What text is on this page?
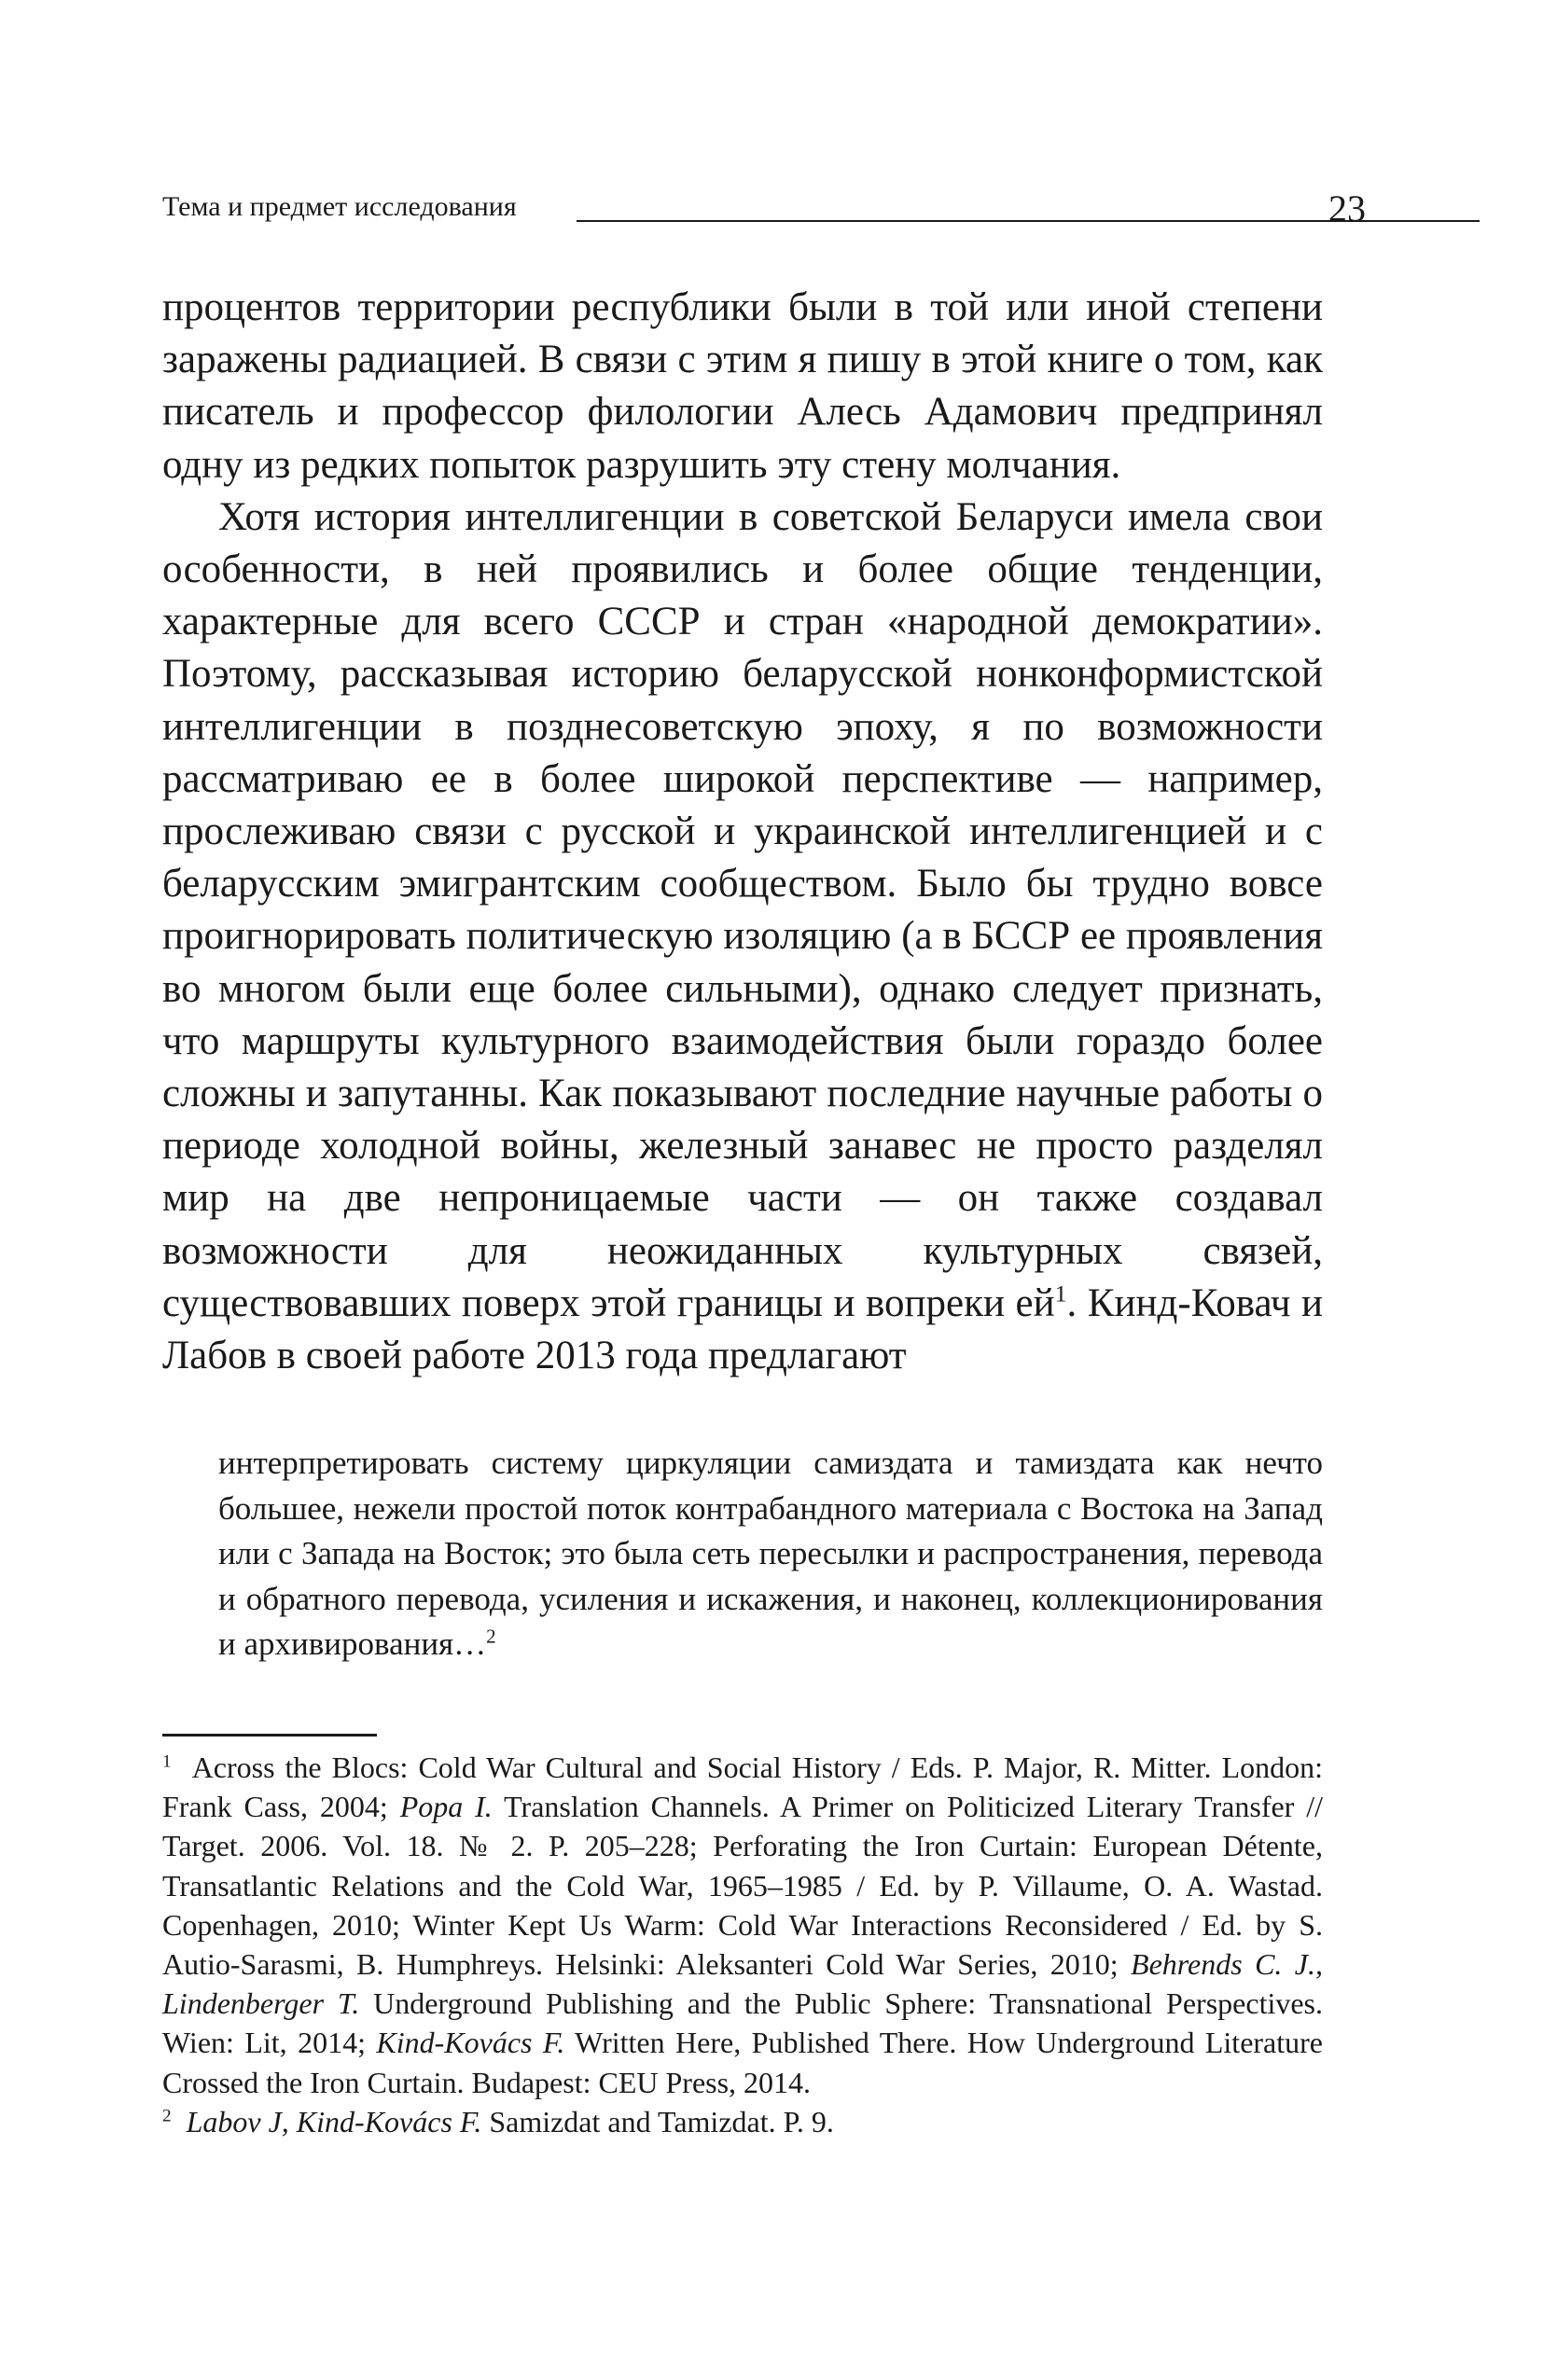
Тема и предмет исследования	23

процентов территории республики были в той или иной степени заражены радиацией. В связи с этим я пишу в этой книге о том, как писатель и профессор филологии Алесь Адамович предпринял одну из редких попыток разрушить эту стену молчания.

Хотя история интеллигенции в советской Беларуси имела свои особенности, в ней проявились и более общие тенденции, характерные для всего СССР и стран «народной демократии». Поэтому, рассказывая историю беларусской нонконформистской интеллигенции в позднесоветскую эпоху, я по возможности рассматриваю ее в более широкой перспективе — например, прослеживаю связи с русской и украинской интеллигенцией и с беларусским эмигрантским сообществом. Было бы трудно вовсе проигнорировать политическую изоляцию (а в БССР ее проявления во многом были еще более сильными), однако следует признать, что маршруты культурного взаимодействия были гораздо более сложны и запутанны. Как показывают последние научные работы о периоде холодной войны, железный занавес не просто разделял мир на две непроницаемые части — он также создавал возможности для неожиданных культурных связей, существовавших поверх этой границы и вопреки $ей^1$. Кинд-Ковач и Лабов в своей работе 2013 года предлагают

интерпретировать систему циркуляции самиздата и тамиздата как нечто большее, нежели простой поток контрабандного материала с Востока на Запад или с Запада на Восток; это была сеть пересылки и распространения, перевода и обратного перевода, усиления и искажения, и наконец, коллекционирования и архивирования…$^2$

$^1$ Across the Blocs: Cold War Cultural and Social History / Eds. P. Major, R. Mitter. London: Frank Cass, 2004; Popa I. Translation Channels. A Primer on Politicized Literary Transfer // Target. 2006. Vol. 18. № 2. P. 205–228; Perforating the Iron Curtain: European Détente, Transatlantic Relations and the Cold War, 1965–1985 / Ed. by P. Villaume, O. A. Wastad. Copenhagen, 2010; Winter Kept Us Warm: Cold War Interactions Reconsidered / Ed. by S. Autio-Sarasmi, B. Humphreys. Helsinki: Aleksanteri Cold War Series, 2010; Behrends C. J., Lindenberger T. Underground Publishing and the Public Sphere: Transnational Perspectives. Wien: Lit, 2014; Kind-Kovács F. Written Here, Published There. How Underground Literature Crossed the Iron Curtain. Budapest: CEU Press, 2014.

$^2$ Labov J, Kind-Kovács F. Samizdat and Tamizdat. P. 9.
